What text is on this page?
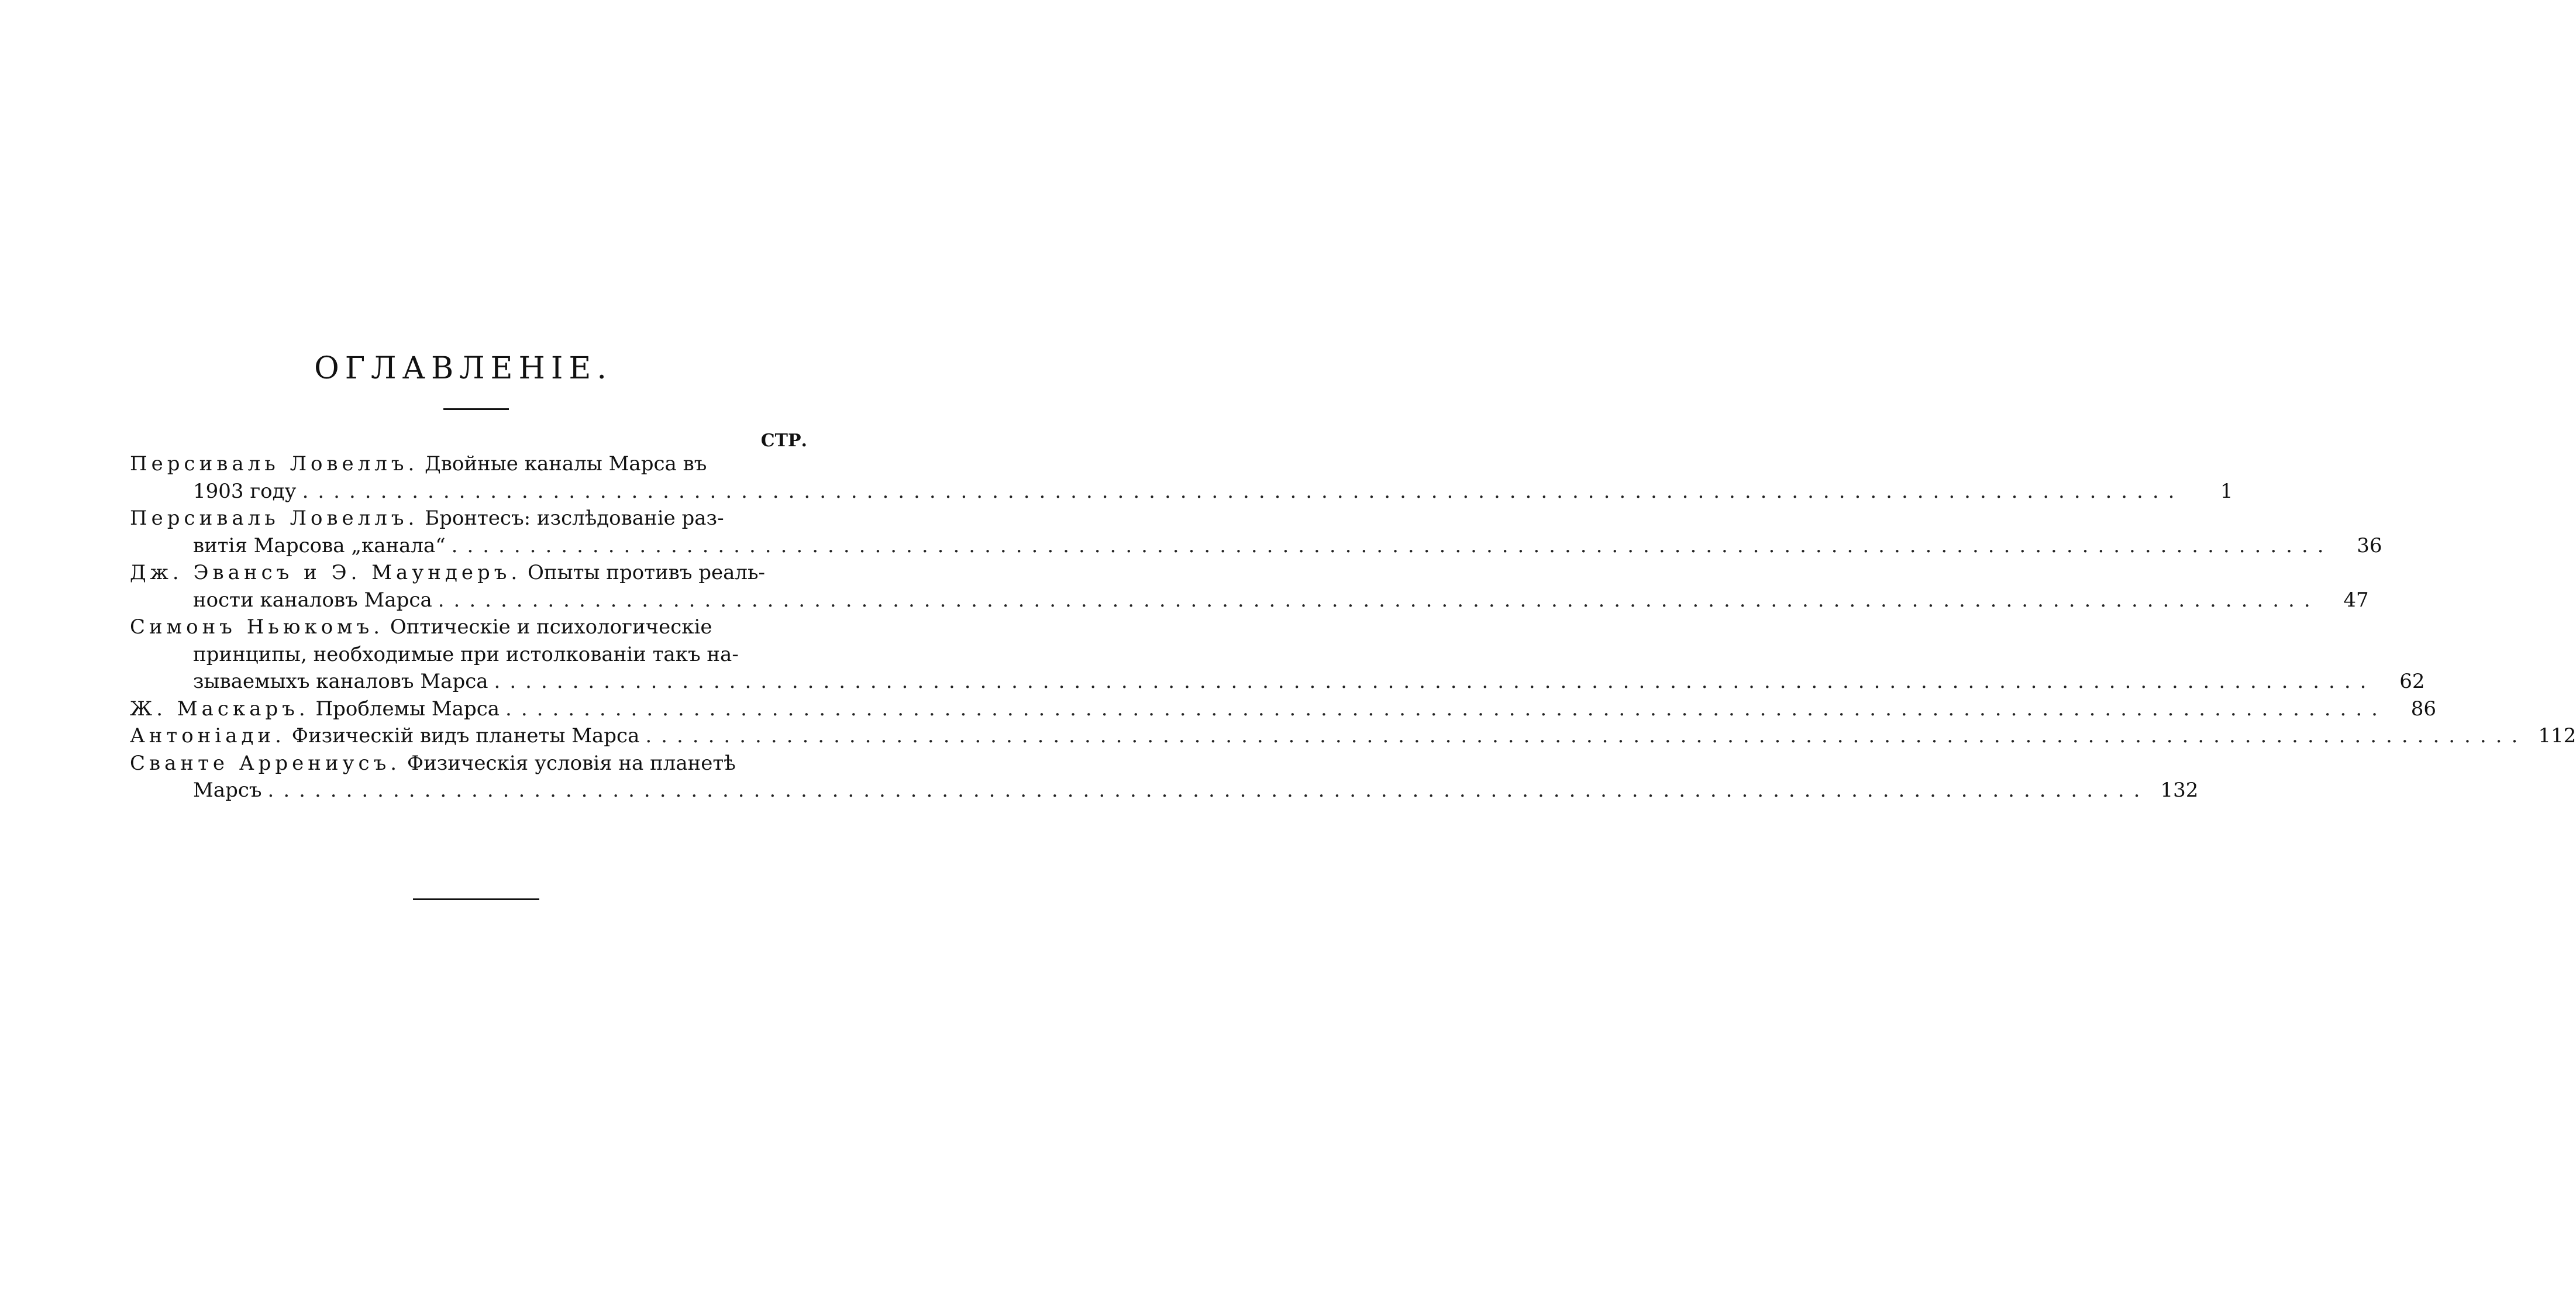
ОГЛАВЛЕНІЕ.
СТР.
Персиваль Ловеллъ. Двойные каналы Марса въ
1903 году ........................................................................................................................	1
Персиваль Ловеллъ. Бронтесъ: изслѣдованіе раз-
витія Марсова „канала“ ........................................................................................................................	36
Дж. Эвансъ и Э. Маундеръ. Опыты противъ реаль-
ности каналовъ Марса ........................................................................................................................	47
Симонъ Ньюкомъ. Оптическіе и психологическіе
принципы, необходимые при истолкованіи такъ на-
зываемыхъ каналовъ Марса ........................................................................................................................	62
Ж. Маскаръ. Проблемы Марса ........................................................................................................................	86
Антоніади. Физическій видъ планеты Марса ........................................................................................................................ 112
Сванте Аррениусъ. Физическія условія на планетѣ
Марсъ ........................................................................................................................ 132
